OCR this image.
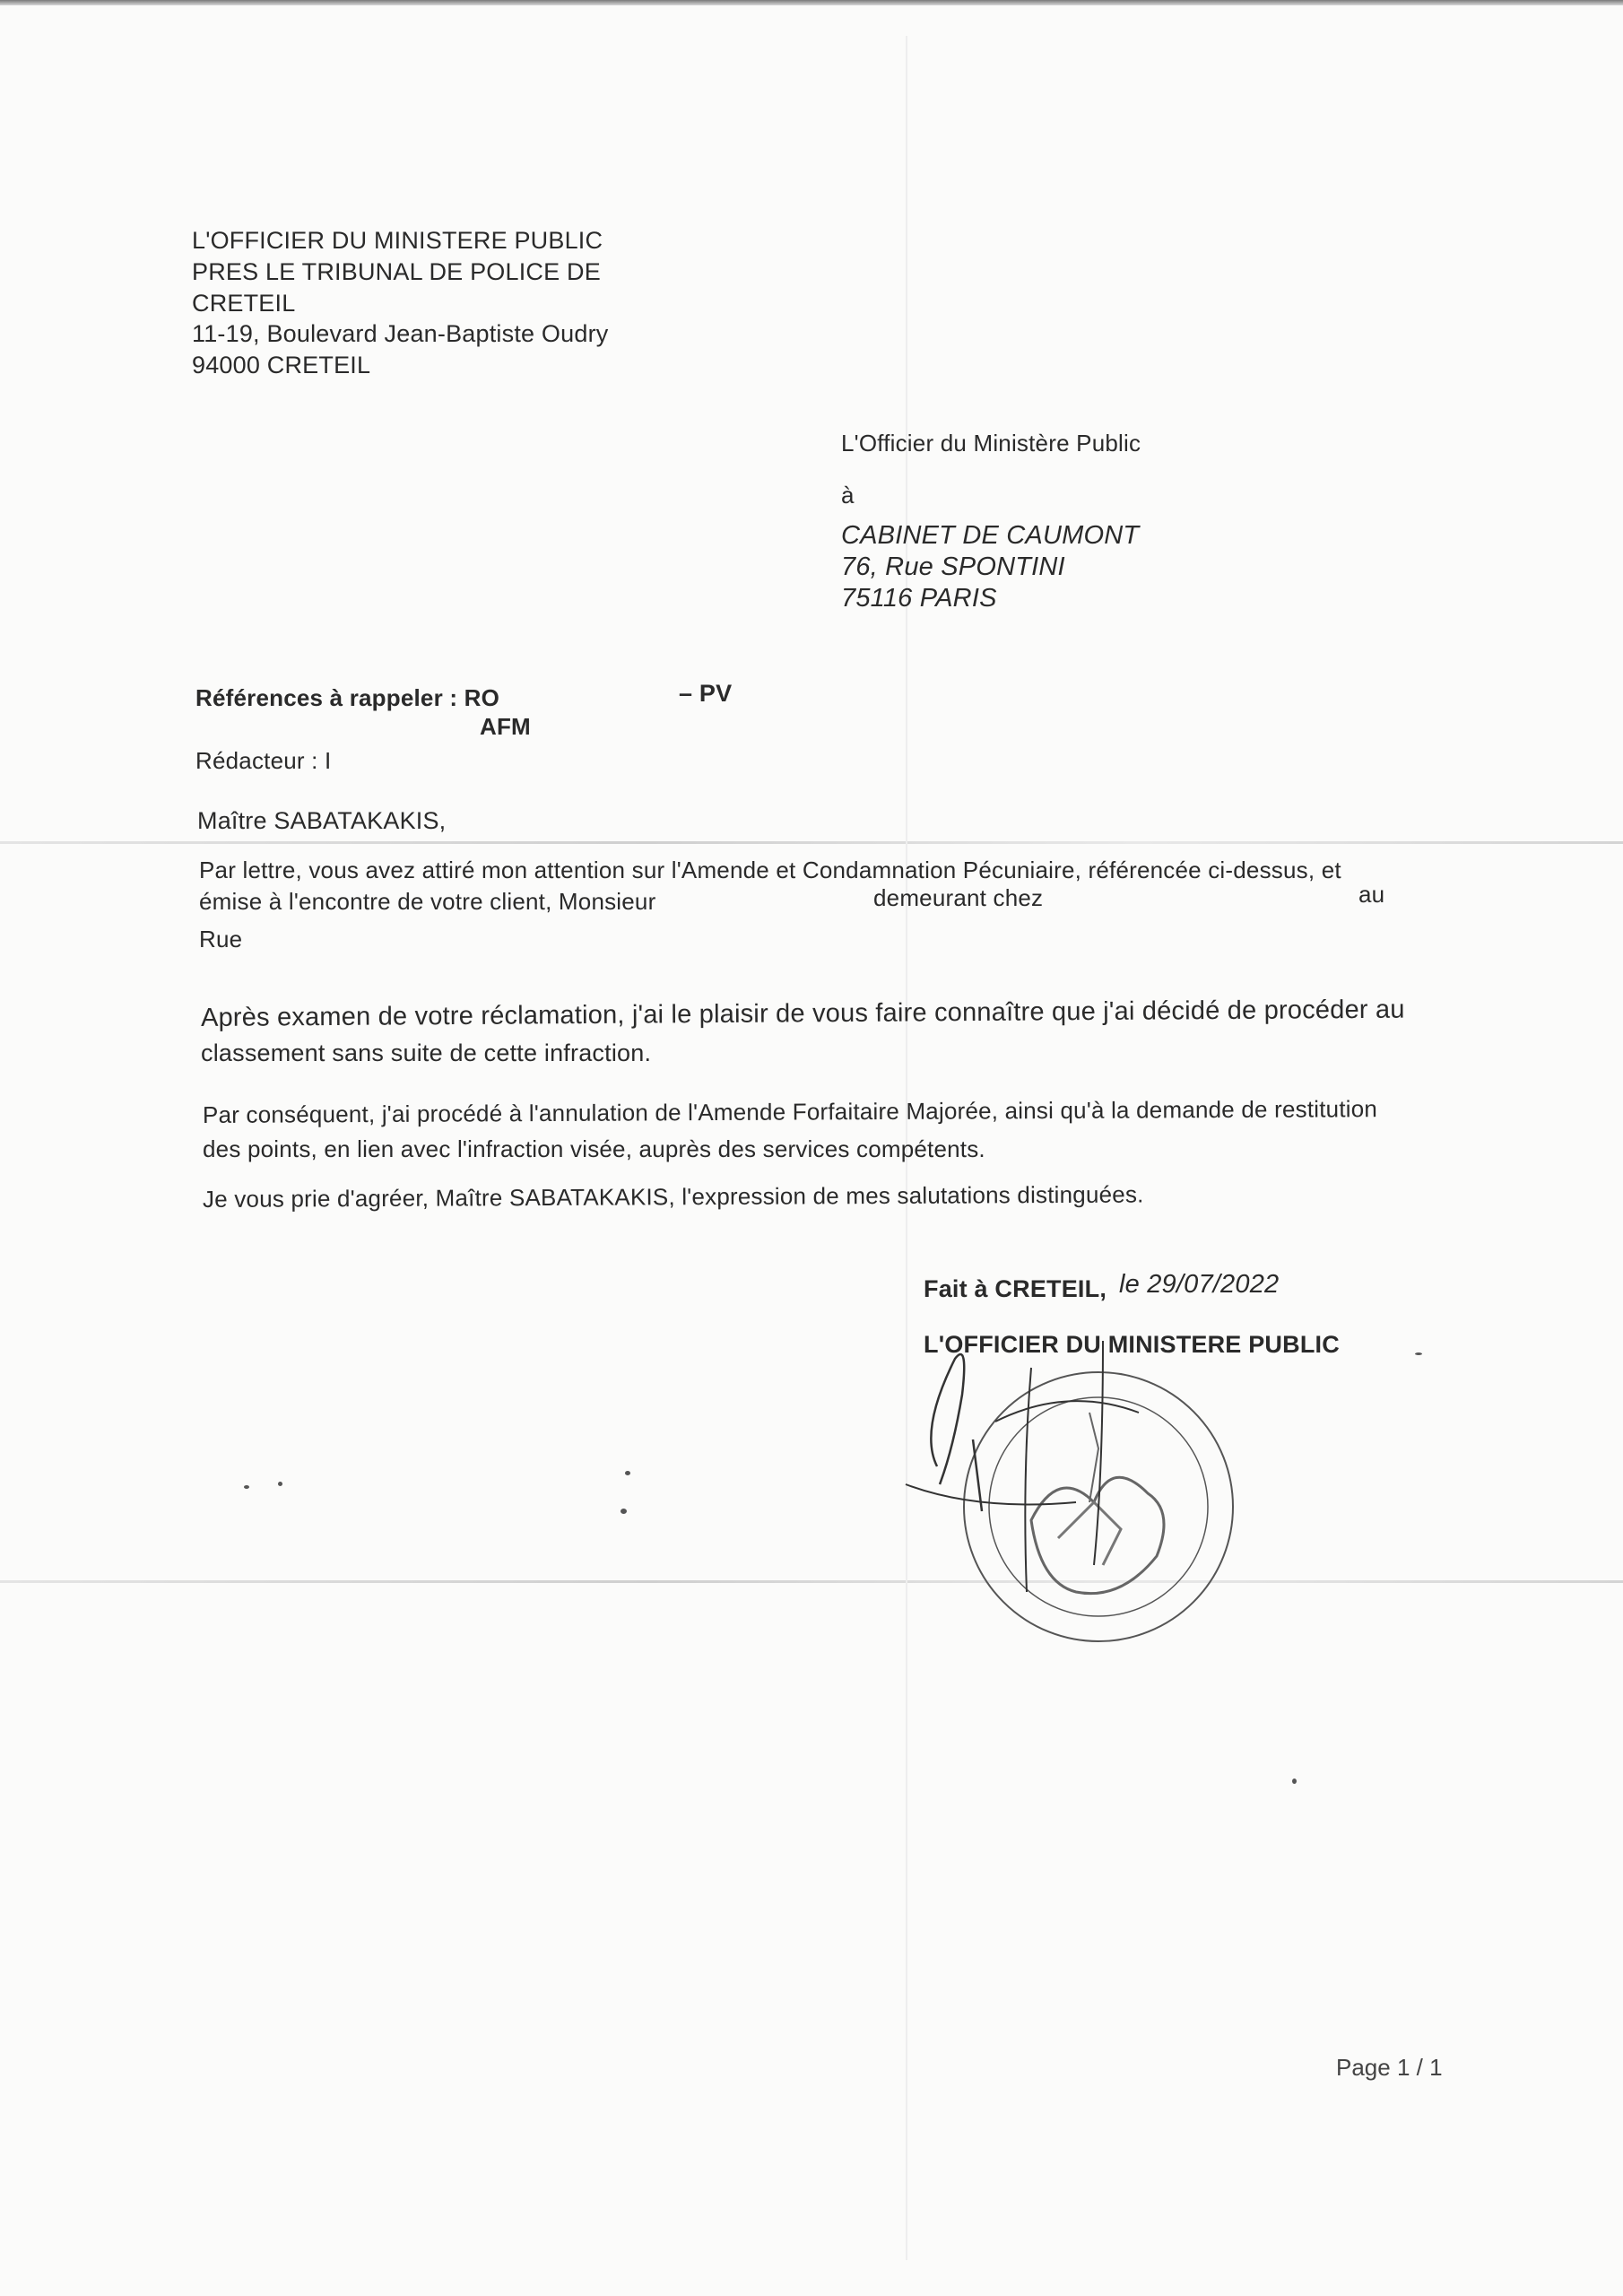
L'OFFICIER DU MINISTERE PUBLIC
PRES LE TRIBUNAL DE POLICE DE
CRETEIL
11-19, Boulevard Jean-Baptiste Oudry
94000 CRETEIL
L'Officier du Ministère Public
à
CABINET DE CAUMONT
76, Rue SPONTINI
75116 PARIS
Références à rappeler : RO	– PV
AFM
Rédacteur : I
Maître SABATAKAKIS,
Par lettre, vous avez attiré mon attention sur l'Amende et Condamnation Pécuniaire, référencée ci-dessus, et
émise à l'encontre de votre client, Monsieur	demeurant chez	au
Rue
Après examen de votre réclamation, j'ai le plaisir de vous faire connaître que j'ai décidé de procéder au
classement sans suite de cette infraction.
Par conséquent, j'ai procédé à l'annulation de l'Amende Forfaitaire Majorée, ainsi qu'à la demande de restitution
des points, en lien avec l'infraction visée, auprès des services compétents.
Je vous prie d'agréer, Maître SABATAKAKIS, l'expression de mes salutations distinguées.
Fait à CRETEIL, le 29/07/2022
L'OFFICIER DU MINISTERE PUBLIC
Page 1 / 1
